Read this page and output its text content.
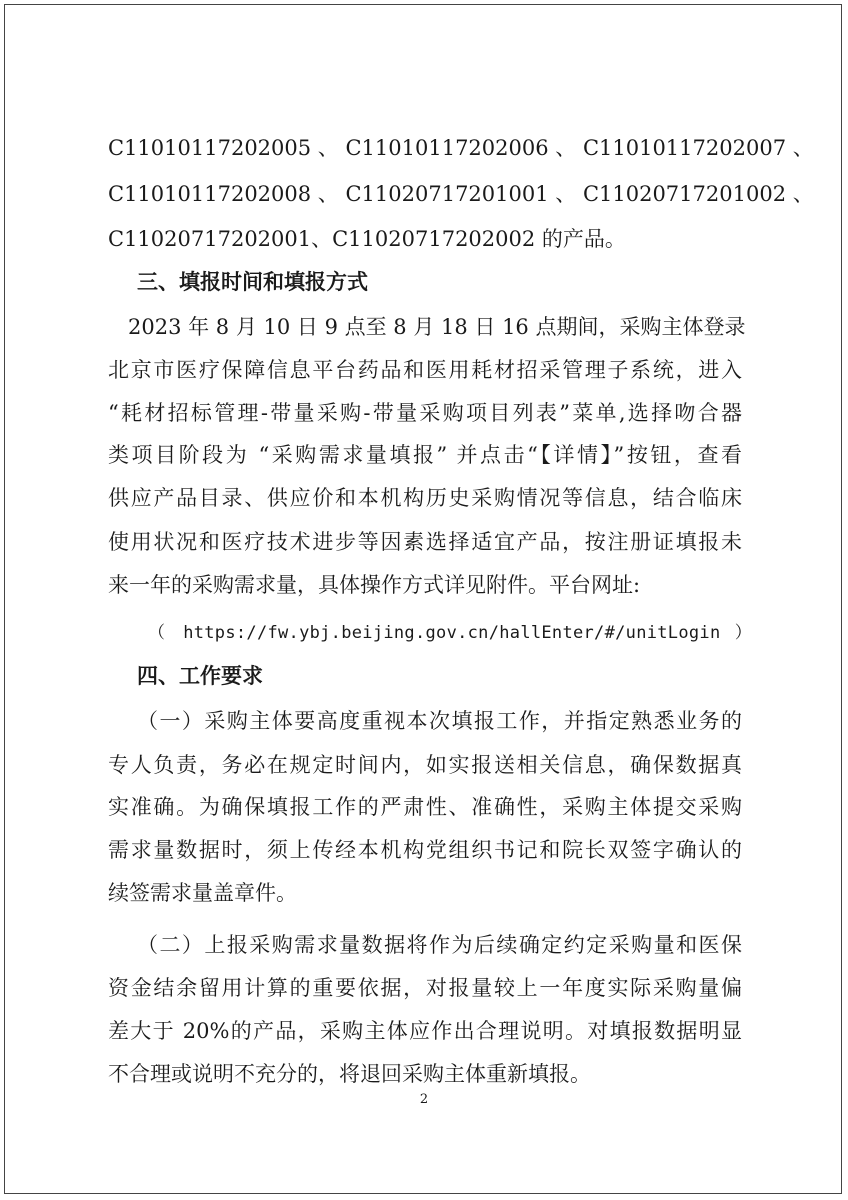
C11010117202005 、 C11010117202006 、 C11010117202007 、
C11010117202008 、 C11020717201001 、 C11020717201002 、
C11020717202001、C11020717202002 的产品。
三、填报时间和填报方式
2023 年 8 月 10 日 9 点至 8 月 18 日 16 点期间，采购主体登录
北京市医疗保障信息平台药品和医用耗材招采管理子系统，进入
“耗材招标管理-带量采购-带量采购项目列表”菜单,选择吻合器
类项目阶段为 “采购需求量填报” 并点击“【详情】”按钮，查看
供应产品目录、供应价和本机构历史采购情况等信息，结合临床
使用状况和医疗技术进步等因素选择适宜产品，按注册证填报未
来一年的采购需求量，具体操作方式详见附件。平台网址:
（ https://fw.ybj.beijing.gov.cn/hallEnter/#/unitLogin ）
四、工作要求
（一）采购主体要高度重视本次填报工作，并指定熟悉业务的
专人负责，务必在规定时间内，如实报送相关信息，确保数据真
实准确。为确保填报工作的严肃性、准确性，采购主体提交采购
需求量数据时，须上传经本机构党组织书记和院长双签字确认的
续签需求量盖章件。
（二）上报采购需求量数据将作为后续确定约定采购量和医保
资金结余留用计算的重要依据，对报量较上一年度实际采购量偏
差大于 20%的产品，采购主体应作出合理说明。对填报数据明显
不合理或说明不充分的，将退回采购主体重新填报。
2
